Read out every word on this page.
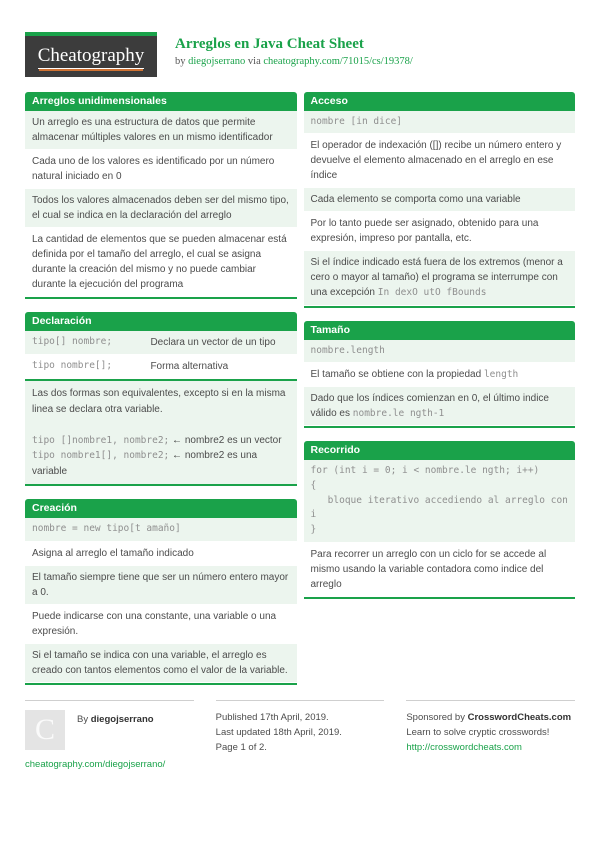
Cheatography
Arreglos en Java Cheat Sheet
by diegojserrano via cheatography.com/71015/cs/19378/
Arreglos unidimensionales
Un arreglo es una estructura de datos que permite almacenar múltiples valores en un mismo identificador
Cada uno de los valores es identificado por un número natural iniciado en 0
Todos los valores almacenados deben ser del mismo tipo, el cual se indica en la declaración del arreglo
La cantidad de elementos que se pueden almacenar está definida por el tamaño del arreglo, el cual se asigna durante la creación del mismo y no puede cambiar durante la ejecución del programa
Declaración
tipo[] nombre;	Declara un vector de un tipo
tipo nombre[];	Forma alternativa
Las dos formas son equivalentes, excepto si en la misma linea se declara otra variable.

tipo []nombre1, nombre2; ← nombre2 es un vector
tipo nombre1[], nombre2; ← nombre2 es una variable
Creación
nombre = new tipo[t amaño]
Asigna al arreglo el tamaño indicado
El tamaño siempre tiene que ser un número entero mayor a 0.
Puede indicarse con una constante, una variable o una expresión.
Si el tamaño se indica con una variable, el arreglo es creado con tantos elementos como el valor de la variable.
Acceso
nombre [in dice]
El operador de indexación ([]) recibe un número entero y devuelve el elemento almacenado en el arreglo en ese índice
Cada elemento se comporta como una variable
Por lo tanto puede ser asignado, obtenido para una expresión, impreso por pantalla, etc.
Si el índice indicado está fuera de los extremos (menor a cero o mayor al tamaño) el programa se interrumpe con una excepción In dexO utO fBounds
Tamaño
nombre.length
El tamaño se obtiene con la propiedad length
Dado que los índices comienzan en 0, el último indice válido es nombre.le ngth-1
Recorrido
for (int i = 0; i < nombre.le ngth; i++)
{
bloque iterativo accediendo al arreglo con i
}
Para recorrer un arreglo con un ciclo for se accede al mismo usando la variable contadora como indice del arreglo
C	By diegojserrano
cheatography.com/diegojserrano/
Published 17th April, 2019.
Last updated 18th April, 2019.
Page 1 of 2.
Sponsored by CrosswordCheats.com
Learn to solve cryptic crosswords!
http://crosswordcheats.com
